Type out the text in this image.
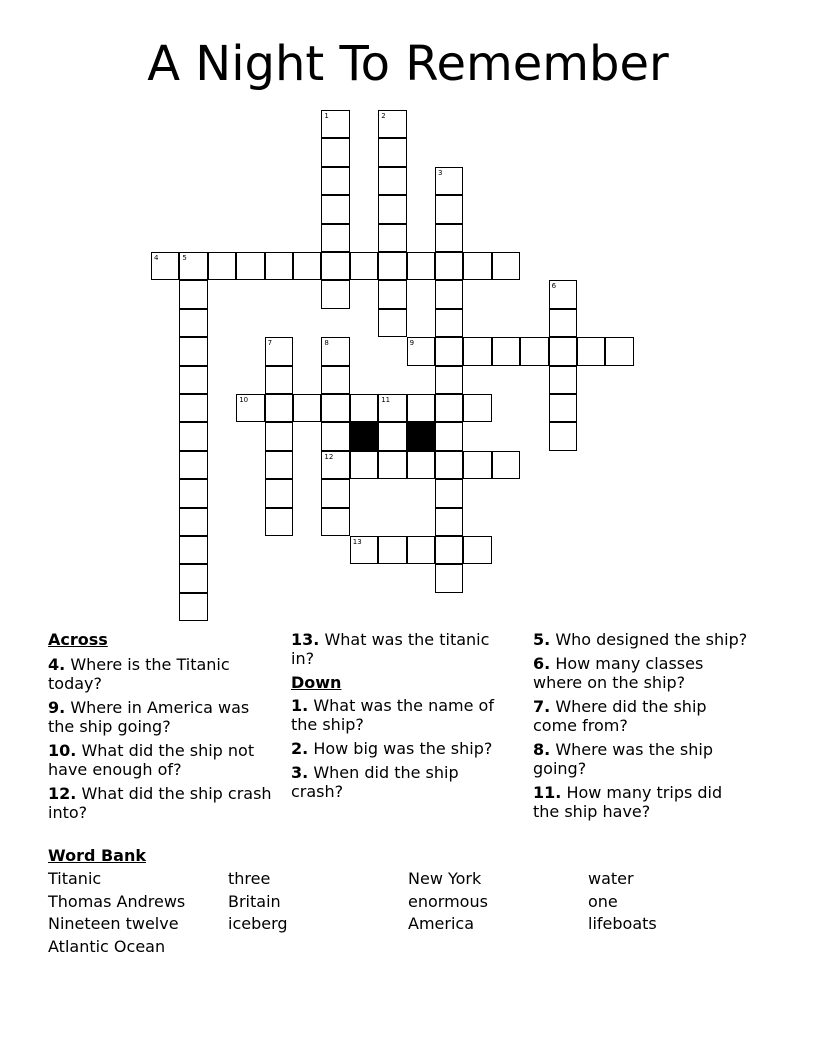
A Night To Remember
1	2
3
4	5
6
7	8
12
9
10	11
13
Across
4. Where is the Titanic today?
9. Where in America was the ship going?
10. What did the ship not have enough of?
12. What did the ship crash into?
13. What was the titanic in?
Down
1. What was the name of the ship?
2. How big was the ship?
3. When did the ship crash?
5. Who designed the ship?
6. How many classes where on the ship?
7. Where did the ship come from?
8. Where was the ship going?
11. How many trips did the ship have?
Word Bank
Titanic	three	New York	water
Thomas Andrews	Britain	enormous	one
Nineteen twelve	iceberg	America	lifeboats
Atlantic Ocean
